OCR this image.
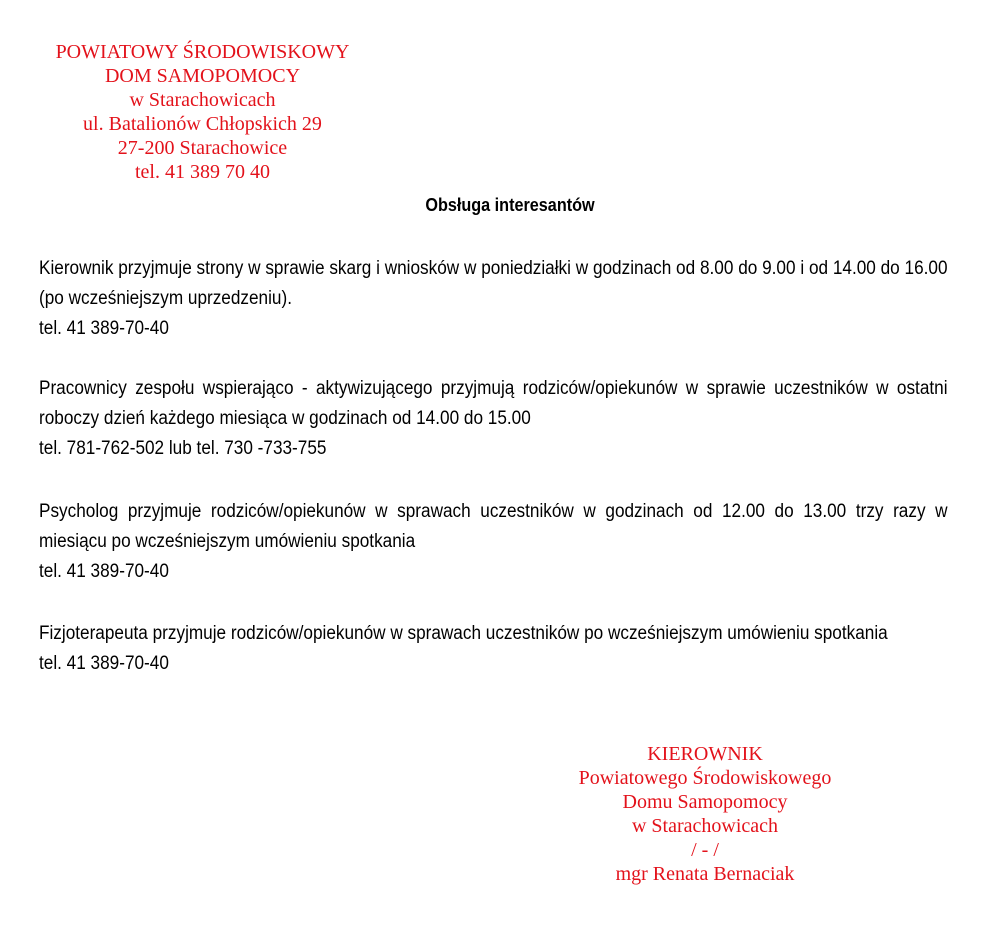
POWIATOWY ŚRODOWISKOWY
DOM SAMOPOMOCY
w Starachowicach
ul. Batalionów Chłopskich 29
27-200 Starachowice
tel. 41 389 70 40
Obsługa interesantów

Kierownik przyjmuje strony w sprawie skarg i wniosków w poniedziałki w godzinach od 8.00 do 9.00 i od 14.00 do 16.00 (po wcześniejszym uprzedzeniu).

tel. 41 389-70-40

Pracownicy zespołu wspierająco - aktywizującego przyjmują rodziców/opiekunów w sprawie uczestników w ostatni roboczy dzień każdego miesiąca w godzinach od 14.00 do 15.00

tel. 781-762-502 lub tel. 730 -733-755

Psycholog przyjmuje rodziców/opiekunów w sprawach uczestników w godzinach od 12.00 do 13.00 trzy razy w miesiącu po wcześniejszym umówieniu spotkania

tel. 41 389-70-40

Fizjoterapeuta przyjmuje rodziców/opiekunów w sprawach uczestników po wcześniejszym umówieniu spotkania

tel. 41 389-70-40

KIEROWNIK
Powiatowego Środowiskowego
Domu Samopomocy
w Starachowicach
/ - /
mgr Renata Bernaciak
